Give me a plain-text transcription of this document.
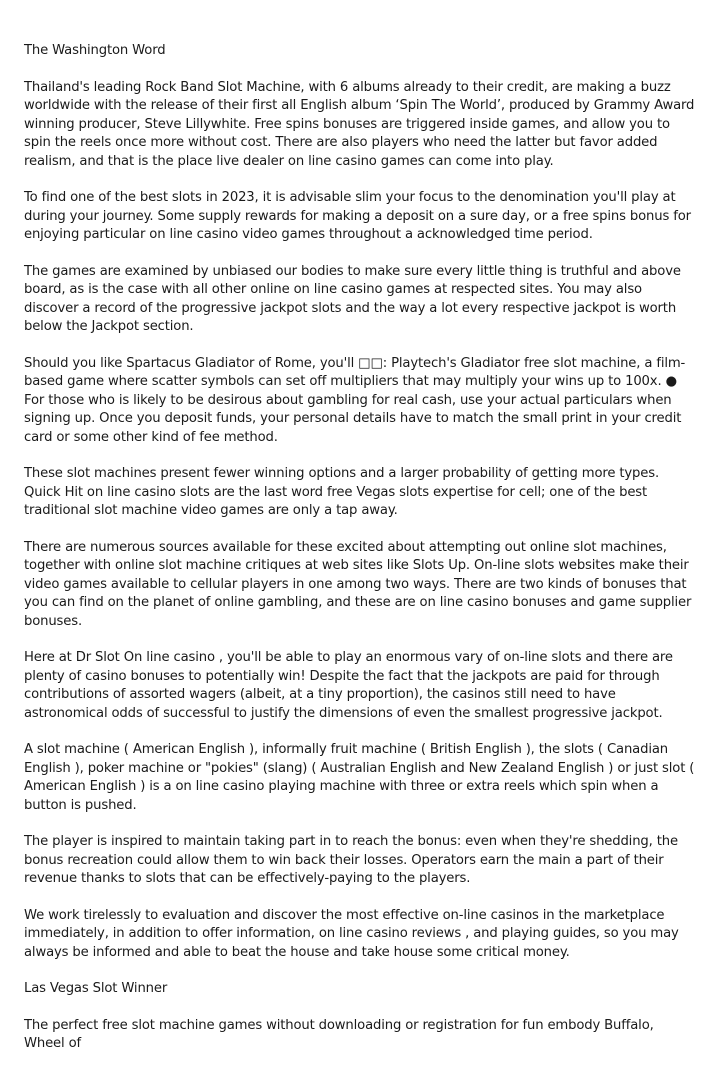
The Washington Word

Thailand's leading Rock Band Slot Machine, with 6 albums already to their credit, are making a buzz worldwide with the release of their first all English album ‘Spin The World’, produced by Grammy Award winning producer, Steve Lillywhite. Free spins bonuses are triggered inside games, and allow you to spin the reels once more without cost. There are also players who need the latter but favor added realism, and that is the place live dealer on line casino games can come into play.

To find one of the best slots in 2023, it is advisable slim your focus to the denomination you'll play at during your journey. Some supply rewards for making a deposit on a sure day, or a free spins bonus for enjoying particular on line casino video games throughout a acknowledged time period.

The games are examined by unbiased our bodies to make sure every little thing is truthful and above board, as is the case with all other online on line casino games at respected sites. You may also discover a record of the progressive jackpot slots and the way a lot every respective jackpot is worth below the Jackpot section.

Should you like Spartacus Gladiator of Rome, you'll □□: Playtech's Gladiator free slot machine, a film-based game where scatter symbols can set off multipliers that may multiply your wins up to 100x. ● For those who is likely to be desirous about gambling for real cash, use your actual particulars when signing up. Once you deposit funds, your personal details have to match the small print in your credit card or some other kind of fee method.

These slot machines present fewer winning options and a larger probability of getting more types. Quick Hit on line casino slots are the last word free Vegas slots expertise for cell; one of the best traditional slot machine video games are only a tap away.

There are numerous sources available for these excited about attempting out online slot machines, together with online slot machine critiques at web sites like Slots Up. On-line slots websites make their video games available to cellular players in one among two ways. There are two kinds of bonuses that you can find on the planet of online gambling, and these are on line casino bonuses and game supplier bonuses.

Here at Dr Slot On line casino , you'll be able to play an enormous vary of on-line slots and there are plenty of casino bonuses to potentially win! Despite the fact that the jackpots are paid for through contributions of assorted wagers (albeit, at a tiny proportion), the casinos still need to have astronomical odds of successful to justify the dimensions of even the smallest progressive jackpot.

A slot machine ( American English ), informally fruit machine ( British English ), the slots ( Canadian English ), poker machine or "pokies" (slang) ( Australian English and New Zealand English ) or just slot ( American English ) is a on line casino playing machine with three or extra reels which spin when a button is pushed.

The player is inspired to maintain taking part in to reach the bonus: even when they're shedding, the bonus recreation could allow them to win back their losses. Operators earn the main a part of their revenue thanks to slots that can be effectively-paying to the players.

We work tirelessly to evaluation and discover the most effective on-line casinos in the marketplace immediately, in addition to offer information, on line casino reviews , and playing guides, so you may always be informed and able to beat the house and take house some critical money.

Las Vegas Slot Winner

The perfect free slot machine games without downloading or registration for fun embody Buffalo, Wheel of
